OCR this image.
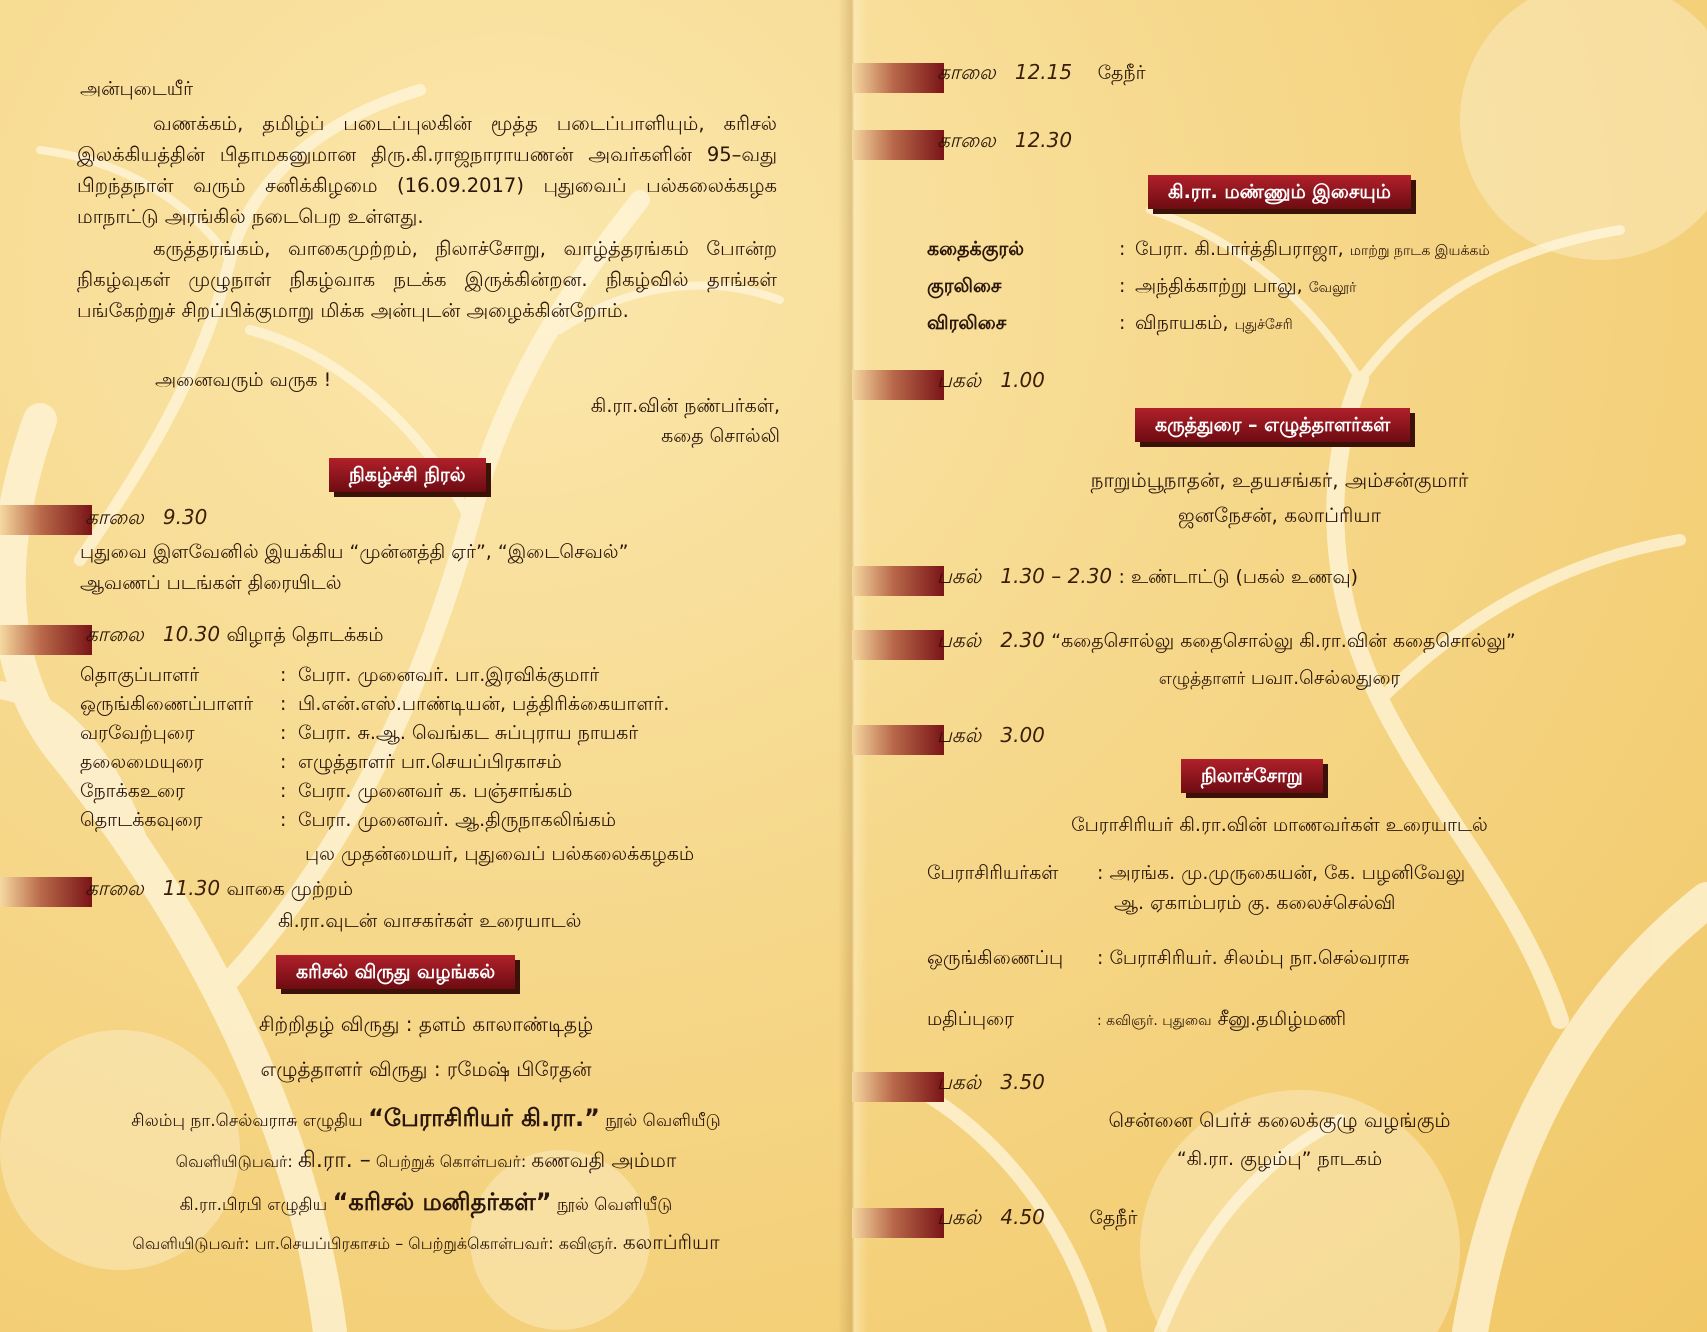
அன்புடையீர்

வணக்கம், தமிழ்ப் படைப்புலகின் மூத்த படைப்பாளியும், கரிசல் இலக்கியத்தின் பிதாமகனுமான திரு.கி.ராஜநாராயணன் அவர்களின் 95–வது பிறந்தநாள் வரும் சனிக்கிழமை (16.09.2017) புதுவைப் பல்கலைக்கழக மாநாட்டு அரங்கில் நடைபெற உள்ளது.

கருத்தரங்கம், வாகைமுற்றம், நிலாச்சோறு, வாழ்த்தரங்கம் போன்ற நிகழ்வுகள் முழுநாள் நிகழ்வாக நடக்க இருக்கின்றன. நிகழ்வில் தாங்கள் பங்கேற்றுச் சிறப்பிக்குமாறு மிக்க அன்புடன் அழைக்கின்றோம்.

அனைவரும் வருக !
கி.ரா.வின் நண்பர்கள்,
கதை சொல்லி
நிகழ்ச்சி நிரல்
காலை 9.30
புதுவை இளவேனில் இயக்கிய “முன்னத்தி ஏர்”, “இடைசெவல்”
ஆவணப் படங்கள் திரையிடல்
காலை 10.30 விழாத் தொடக்கம்
தொகுப்பாளர்	: பேரா. முனைவர். பா.இரவிக்குமார்
ஒருங்கிணைப்பாளர் : பி.என்.எஸ்.பாண்டியன், பத்திரிக்கையாளர்.
வரவேற்புரை	: பேரா. சு.ஆ. வெங்கட சுப்புராய நாயகர்
தலைமையுரை	: எழுத்தாளர் பா.செயப்பிரகாசம்
நோக்கஉரை	: பேரா. முனைவர் க. பஞ்சாங்கம்
தொடக்கவுரை	: பேரா. முனைவர். ஆ.திருநாகலிங்கம்
புல முதன்மையர், புதுவைப் பல்கலைக்கழகம்
காலை 11.30 வாகை முற்றம்
கி.ரா.வுடன் வாசகர்கள் உரையாடல்
கரிசல் விருது வழங்கல்
சிற்றிதழ் விருது : தளம் காலாண்டிதழ்
எழுத்தாளர் விருது : ரமேஷ் பிரேதன்
சிலம்பு நா.செல்வராசு எழுதிய “பேராசிரியர் கி.ரா.” நூல் வெளியீடு
வெளியிடுபவர்: கி.ரா. – பெற்றுக் கொள்பவர்: கணவதி அம்மா
கி.ரா.பிரபி எழுதிய “கரிசல் மனிதர்கள்” நூல் வெளியீடு
வெளியிடுபவர்: பா.செயப்பிரகாசம் – பெற்றுக்கொள்பவர்: கவிஞர். கலாப்ரியா
காலை 12.15 தேநீர்
காலை 12.30
கி.ரா. மண்ணும் இசையும்
கதைக்குரல்	: பேரா. கி.பார்த்திபராஜா, மாற்று நாடக இயக்கம்
குரலிசை	: அந்திக்காற்று பாலு, வேலூர்
விரலிசை	: விநாயகம், புதுச்சேரி
பகல் 1.00
கருத்துரை – எழுத்தாளர்கள்
நாறும்பூநாதன், உதயசங்கர், அம்சன்குமார்
ஜனநேசன், கலாப்ரியா
பகல் 1.30 – 2.30 : உண்டாட்டு (பகல் உணவு)
பகல் 2.30 “கதைசொல்லு கதைசொல்லு கி.ரா.வின் கதைசொல்லு”
எழுத்தாளர் பவா.செல்லதுரை
பகல் 3.00
நிலாச்சோறு
பேராசிரியர் கி.ரா.வின் மாணவர்கள் உரையாடல்
பேராசிரியர்கள் : அரங்க. மு.முருகையன், கே. பழனிவேலு
ஆ. ஏகாம்பரம் கு. கலைச்செல்வி
ஒருங்கிணைப்பு : பேராசிரியர். சிலம்பு நா.செல்வராசு
மதிப்புரை	: கவிஞர். புதுவை சீனு.தமிழ்மணி
பகல் 3.50
சென்னை பெர்ச் கலைக்குழு வழங்கும்
“கி.ரா. குழம்பு” நாடகம்
பகல் 4.50 தேநீர்
